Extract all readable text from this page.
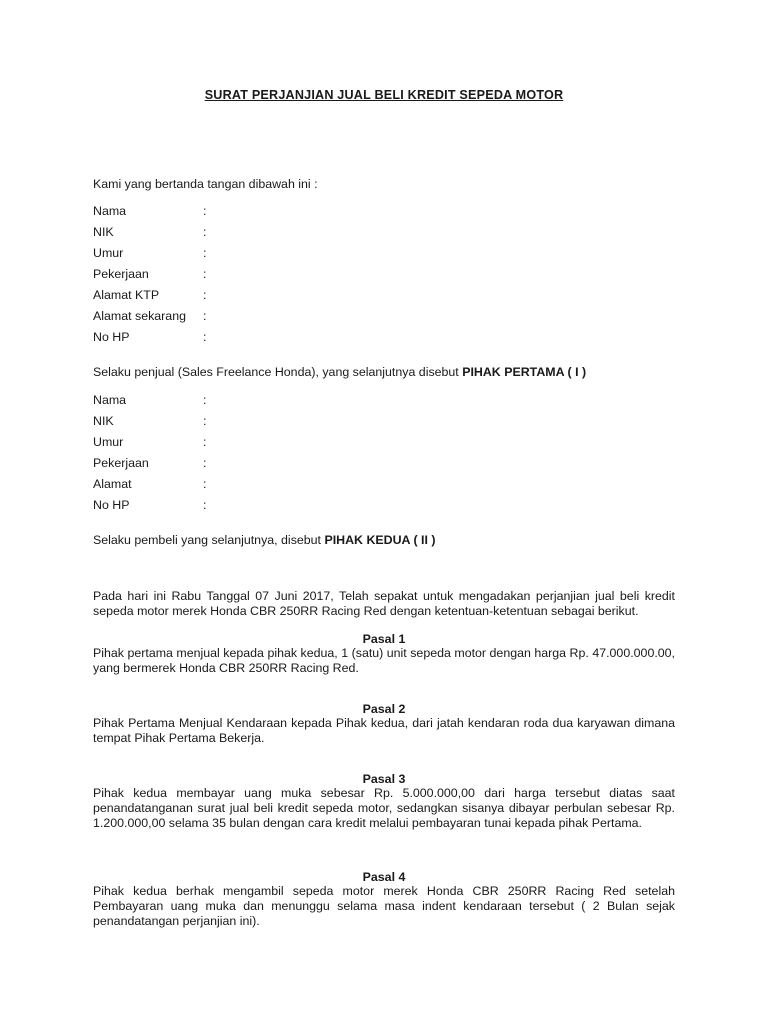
SURAT PERJANJIAN JUAL BELI KREDIT SEPEDA MOTOR
Kami yang bertanda tangan dibawah ini :
Nama	:
NIK	:
Umur	:
Pekerjaan	:
Alamat KTP	:
Alamat sekarang :
No HP	:
Selaku penjual (Sales Freelance Honda), yang selanjutnya disebut PIHAK PERTAMA ( I )
Nama	:
NIK	:
Umur	:
Pekerjaan	:
Alamat	:
No HP	:
Selaku pembeli yang selanjutnya, disebut PIHAK KEDUA ( II )
Pada hari ini Rabu Tanggal 07 Juni 2017, Telah sepakat untuk mengadakan perjanjian jual beli kredit sepeda motor merek Honda CBR 250RR Racing Red dengan ketentuan-ketentuan sebagai berikut.
Pasal 1
Pihak pertama menjual kepada pihak kedua, 1 (satu) unit sepeda motor dengan harga Rp. 47.000.000.00, yang bermerek Honda CBR 250RR Racing Red.
Pasal 2
Pihak Pertama Menjual Kendaraan kepada Pihak kedua, dari jatah kendaran roda dua karyawan dimana tempat Pihak Pertama Bekerja.
Pasal 3
Pihak kedua membayar uang muka sebesar Rp. 5.000.000,00 dari harga tersebut diatas saat penandatanganan surat jual beli kredit sepeda motor, sedangkan sisanya dibayar perbulan sebesar Rp. 1.200.000,00 selama 35 bulan dengan cara kredit melalui pembayaran tunai kepada pihak Pertama.
Pasal 4
Pihak kedua berhak mengambil sepeda motor merek Honda CBR 250RR Racing Red setelah Pembayaran uang muka dan menunggu selama masa indent kendaraan tersebut ( 2 Bulan sejak penandatangan perjanjian ini).
